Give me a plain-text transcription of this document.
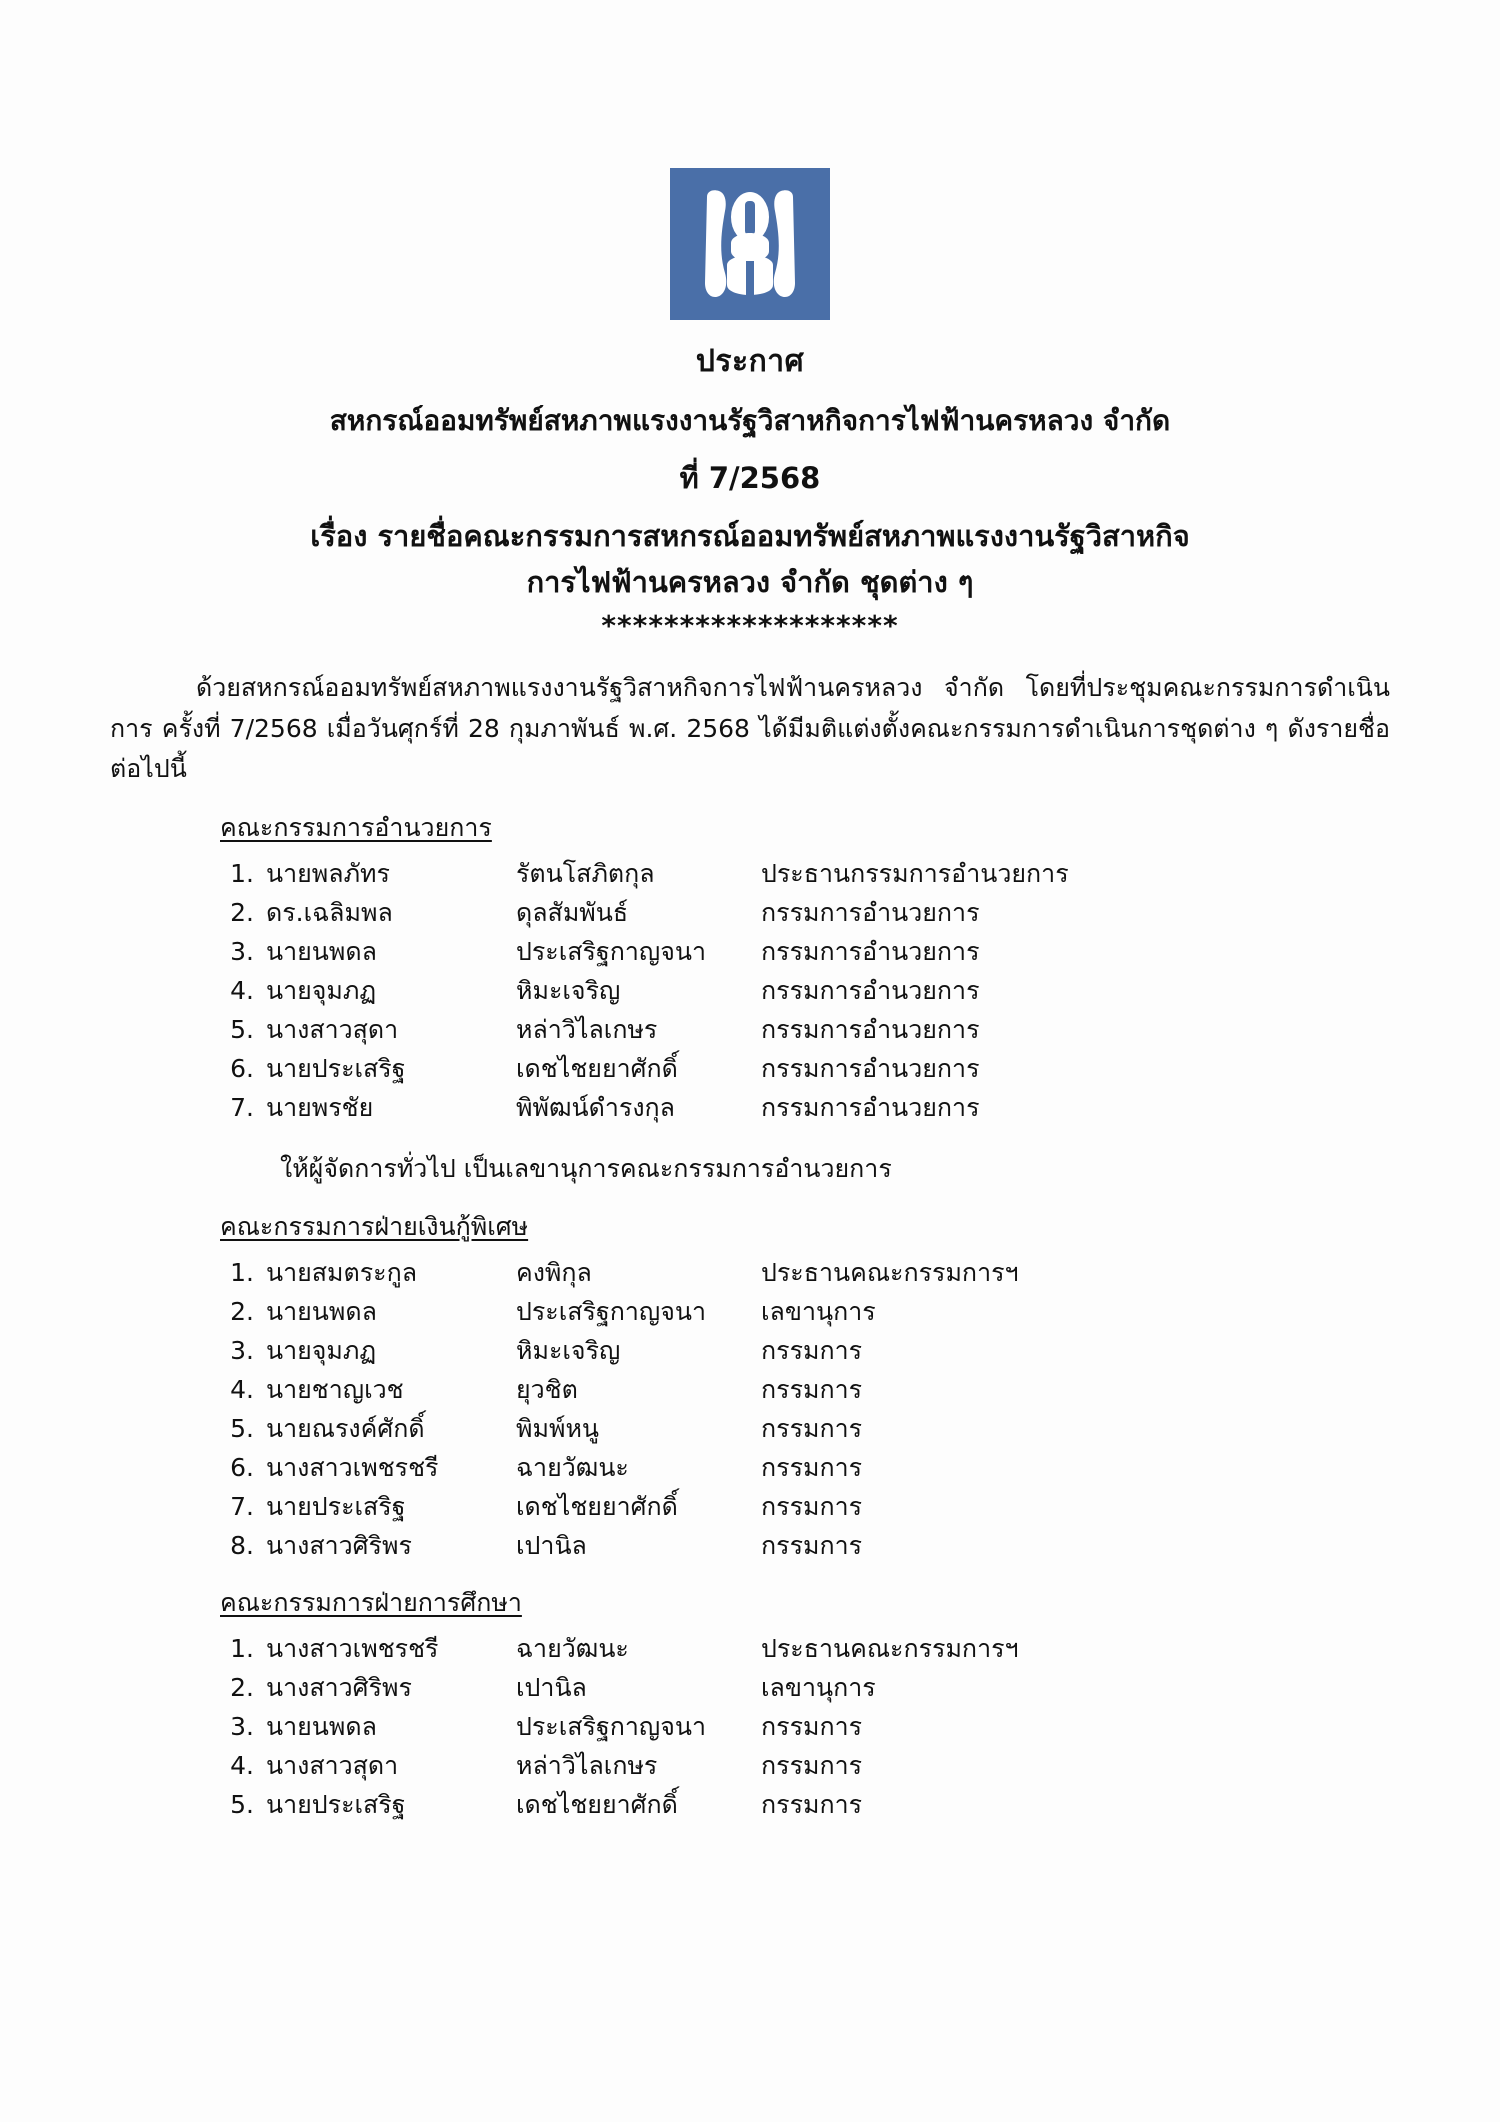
ประกาศ
สหกรณ์ออมทรัพย์สหภาพแรงงานรัฐวิสาหกิจการไฟฟ้านครหลวง จำกัด
ที่ 7/2568
เรื่อง รายชื่อคณะกรรมการสหกรณ์ออมทรัพย์สหภาพแรงงานรัฐวิสาหกิจ
การไฟฟ้านครหลวง จำกัด ชุดต่าง ๆ
*******************
ด้วยสหกรณ์ออมทรัพย์สหภาพแรงงานรัฐวิสาหกิจการไฟฟ้านครหลวง จำกัด โดยที่ประชุมคณะกรรมการดำเนินการ ครั้งที่ 7/2568 เมื่อวันศุกร์ที่ 28 กุมภาพันธ์ พ.ศ. 2568 ได้มีมติแต่งตั้งคณะกรรมการดำเนินการชุดต่าง ๆ ดังรายชื่อต่อไปนี้
คณะกรรมการอำนวยการ
1. นายพลภัทร	รัตนโสภิตกุล	ประธานกรรมการอำนวยการ
2. ดร.เฉลิมพล	ดุลสัมพันธ์	กรรมการอำนวยการ
3. นายนพดล	ประเสริฐกาญจนา	กรรมการอำนวยการ
4. นายจุมภฏ	หิมะเจริญ	กรรมการอำนวยการ
5. นางสาวสุดา	หล่าวิไลเกษร	กรรมการอำนวยการ
6. นายประเสริฐ	เดชไชยยาศักดิ์	กรรมการอำนวยการ
7. นายพรชัย	พิพัฒน์ดำรงกุล	กรรมการอำนวยการ
ให้ผู้จัดการทั่วไป เป็นเลขานุการคณะกรรมการอำนวยการ
คณะกรรมการฝ่ายเงินกู้พิเศษ
1. นายสมตระกูล	คงพิกุล	ประธานคณะกรรมการฯ
2. นายนพดล	ประเสริฐกาญจนา	เลขานุการ
3. นายจุมภฏ	หิมะเจริญ	กรรมการ
4. นายชาญเวช	ยุวชิต	กรรมการ
5. นายณรงค์ศักดิ์	พิมพ์หนู	กรรมการ
6. นางสาวเพชรชรี	ฉายวัฒนะ	กรรมการ
7. นายประเสริฐ	เดชไชยยาศักดิ์	กรรมการ
8. นางสาวศิริพร	เปานิล	กรรมการ
คณะกรรมการฝ่ายการศึกษา
1. นางสาวเพชรชรี	ฉายวัฒนะ	ประธานคณะกรรมการฯ
2. นางสาวศิริพร	เปานิล	เลขานุการ
3. นายนพดล	ประเสริฐกาญจนา	กรรมการ
4. นางสาวสุดา	หล่าวิไลเกษร	กรรมการ
5. นายประเสริฐ	เดชไชยยาศักดิ์	กรรมการ
